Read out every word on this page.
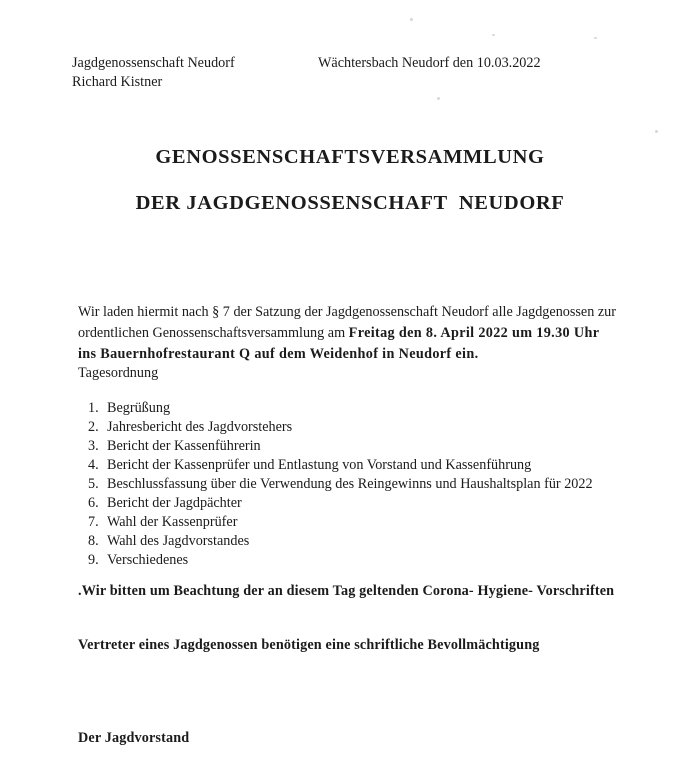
Jagdgenossenschaft Neudorf
Richard Kistner
Wächtersbach Neudorf den 10.03.2022
GENOSSENSCHAFTSVERSAMMLUNG
DER JAGDGENOSSENSCHAFT  NEUDORF

Wir laden hiermit nach § 7 der Satzung der Jagdgenossenschaft Neudorf alle Jagdgenossen zur ordentlichen Genossenschaftsversammlung am Freitag den 8. April 2022 um 19.30 Uhr ins Bauernhofrestaurant Q auf dem Weidenhof in Neudorf ein.

Tagesordnung
1. Begrüßung
2. Jahresbericht des Jagdvorstehers
3. Bericht der Kassenführerin
4. Bericht der Kassenprüfer und Entlastung von Vorstand und Kassenführung
5. Beschlussfassung über die Verwendung des Reingewinns und Haushaltsplan für 2022
6. Bericht der Jagdpächter
7. Wahl der Kassenprüfer
8. Wahl des Jagdvorstandes
9. Verschiedenes
.Wir bitten um Beachtung der an diesem Tag geltenden Corona- Hygiene- Vorschriften
Vertreter eines Jagdgenossen benötigen eine schriftliche Bevollmächtigung
Der Jagdvorstand
